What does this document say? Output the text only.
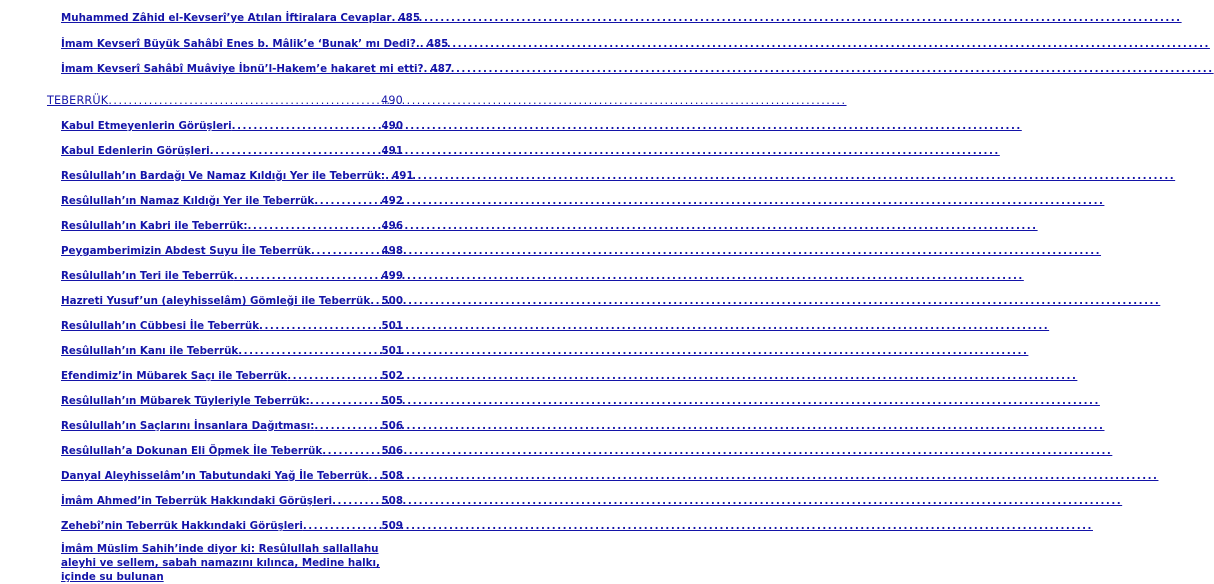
Muhammed Zâhid el-Kevserî’ye Atılan İftiralara Cevaplar ..... 485
İmam Kevserî Büyük Sahâbî Enes b. Mâlik’e ‘Bunak’ mı Dedi?. ..... 485
İmam Kevserî Sahâbî Muâviye İbnü’l-Hakem’e hakaret mi etti? ..... 487
TEBERRÜK .....	490
Kabul Etmeyenlerin Görüşleri .....	490
Kabul Edenlerin Görüşleri .....	491
Resûlullah’ın Bardağı Ve Namaz Kıldığı Yer ile Teberrük: ..... 491
Resûlullah’ın Namaz Kıldığı Yer ile Teberrük .....	492
Resûlullah’ın Kabri ile Teberrük: .....	496
Peygamberimizin Abdest Suyu İle Teberrük .....	498
Resûlullah’ın Teri ile Teberrük .....	499
Hazreti Yusuf’un (aleyhisselâm) Gömleği ile Teberrük ..... 500
Resûlullah’ın Cübbesi İle Teberrük .....	501
Resûlullah’ın Kanı ile Teberrük .....	501
Efendimiz’in Mübarek Saçı ile Teberrük .....	502
Resûlullah’ın Mübarek Tüyleriyle Teberrük: .....	505
Resûlullah’ın Saçlarını İnsanlara Dağıtması: .....	506
Resûlullah’a Dokunan Eli Öpmek İle Teberrük .....	506
Danyal Aleyhisselâm’ın Tabutundaki Yağ İle Teberrük ..... 508
İmâm Ahmed’in Teberrük Hakkındaki Görüşleri .....	508
Zehebî’nin Teberrük Hakkındaki Görüşleri .....	509
İmâm Müslim Sahih’inde diyor ki: Resûlullah sallallahu aleyhi ve sellem, sabah namazını kılınca, Medine halkı, içinde su bulunan
